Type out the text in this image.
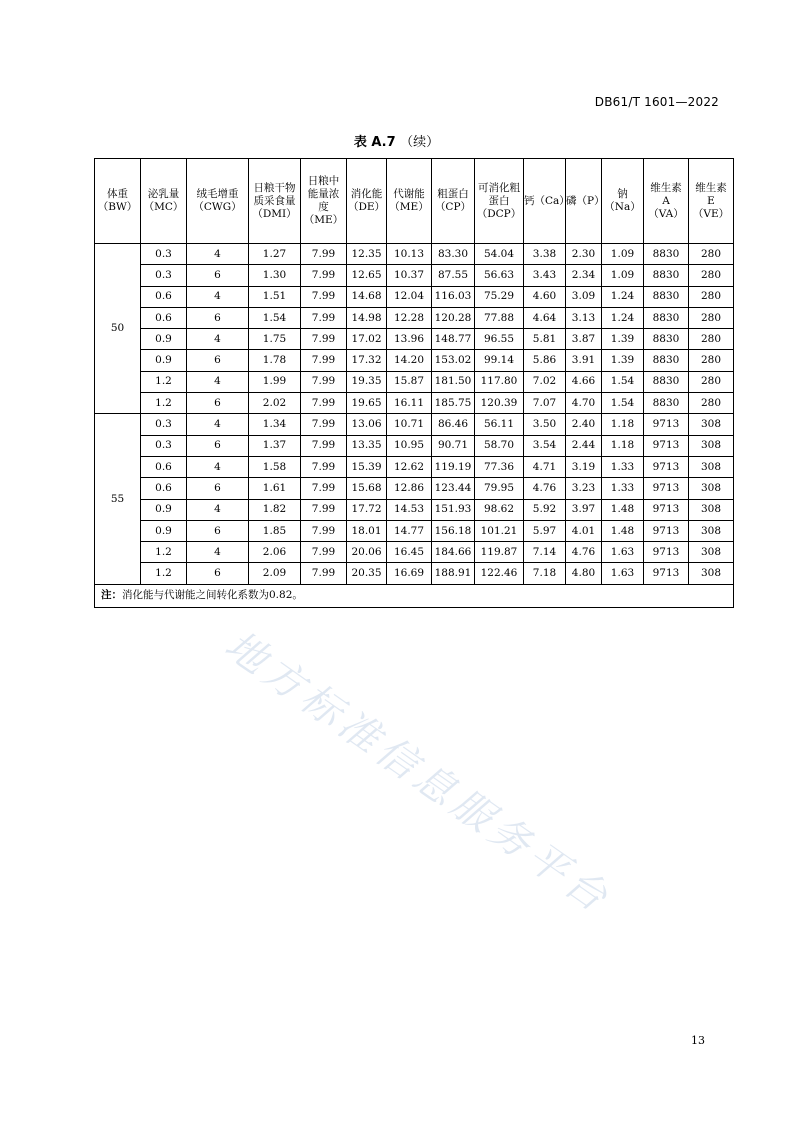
DB61/T 1601—2022
表 A.7 （续）
体重
（BW）	泌乳量
（MC）	绒毛增重
（CWG）	日粮干物
质采食量
（DMI）	日粮中
能量浓
度
（ME）	消化能
（DE）	代谢能
（ME）	粗蛋白
（CP）	可消化粗
蛋白
（DCP）	钙（Ca）	磷（P）	钠（Na）	维生素
A
（VA）	维生素
E
（VE）

50	0.3	4	1.27	7.99	12.35	10.13	83.30	54.04	3.38	2.30	1.09	8830	280
	0.3	6	1.30	7.99	12.65	10.37	87.55	56.63	3.43	2.34	1.09	8830	280
	0.6	4	1.51	7.99	14.68	12.04	116.03	75.29	4.60	3.09	1.24	8830	280
	0.6	6	1.54	7.99	14.98	12.28	120.28	77.88	4.64	3.13	1.24	8830	280
	0.9	4	1.75	7.99	17.02	13.96	148.77	96.55	5.81	3.87	1.39	8830	280
	0.9	6	1.78	7.99	17.32	14.20	153.02	99.14	5.86	3.91	1.39	8830	280
	1.2	4	1.99	7.99	19.35	15.87	181.50	117.80	7.02	4.66	1.54	8830	280
	1.2	6	2.02	7.99	19.65	16.11	185.75	120.39	7.07	4.70	1.54	8830	280
55	0.3	4	1.34	7.99	13.06	10.71	86.46	56.11	3.50	2.40	1.18	9713	308
	0.3	6	1.37	7.99	13.35	10.95	90.71	58.70	3.54	2.44	1.18	9713	308
	0.6	4	1.58	7.99	15.39	12.62	119.19	77.36	4.71	3.19	1.33	9713	308
	0.6	6	1.61	7.99	15.68	12.86	123.44	79.95	4.76	3.23	1.33	9713	308
	0.9	4	1.82	7.99	17.72	14.53	151.93	98.62	5.92	3.97	1.48	9713	308
	0.9	6	1.85	7.99	18.01	14.77	156.18	101.21	5.97	4.01	1.48	9713	308
	1.2	4	2.06	7.99	20.06	16.45	184.66	119.87	7.14	4.76	1.63	9713	308
	1.2	6	2.09	7.99	20.35	16.69	188.91	122.46	7.18	4.80	1.63	9713	308
注：消化能与代谢能之间转化系数为0.82。													
地方标准信息服务平台
13
